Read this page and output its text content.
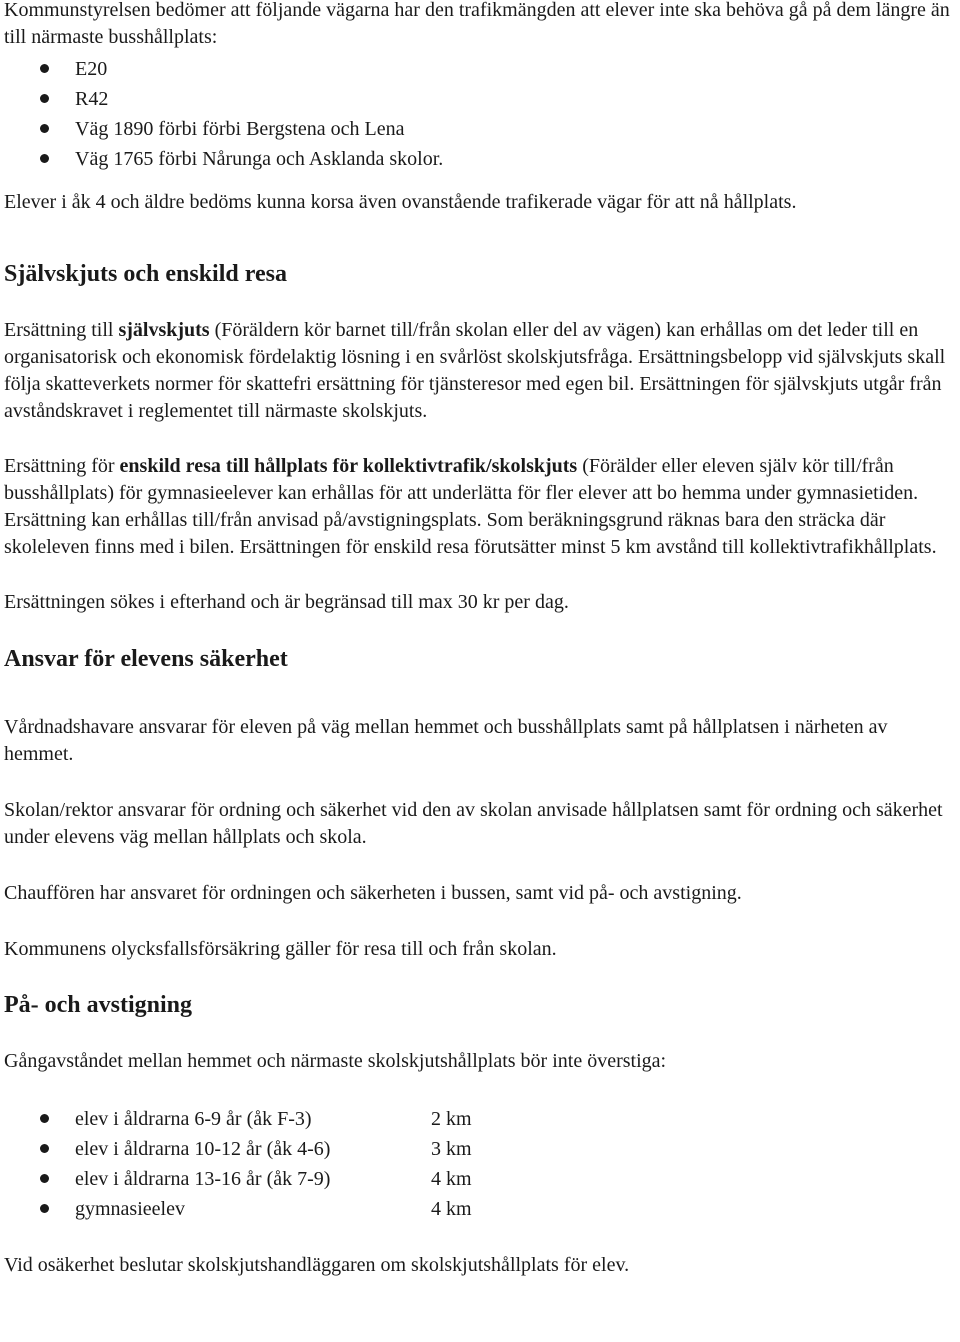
Kommunstyrelsen bedömer att följande vägarna har den trafikmängden att elever inte ska behöva gå på dem längre än till närmaste busshållplats:

E20
R42
Väg 1890 förbi förbi Bergstena och Lena
Väg 1765 förbi Nårunga och Asklanda skolor.

Elever i åk 4 och äldre bedöms kunna korsa även ovanstående trafikerade vägar för att nå hållplats.

Självskjuts och enskild resa

Ersättning till självskjuts (Föräldern kör barnet till/från skolan eller del av vägen) kan erhållas om det leder till en organisatorisk och ekonomisk fördelaktig lösning i en svårlöst skolskjutsfråga. Ersättningsbelopp vid självskjuts skall följa skatteverkets normer för skattefri ersättning för tjänsteresor med egen bil. Ersättningen för självskjuts utgår från avståndskravet i reglementet till närmaste skolskjuts.

Ersättning för enskild resa till hållplats för kollektivtrafik/skolskjuts (Förälder eller eleven själv kör till/från busshållplats) för gymnasieelever kan erhållas för att underlätta för fler elever att bo hemma under gymnasietiden. Ersättning kan erhållas till/från anvisad på/avstigningsplats. Som beräkningsgrund räknas bara den sträcka där skoleleven finns med i bilen. Ersättningen för enskild resa förutsätter minst 5 km avstånd till kollektivtrafikhållplats.

Ersättningen sökes i efterhand och är begränsad till max 30 kr per dag.

Ansvar för elevens säkerhet

Vårdnadshavare ansvarar för eleven på väg mellan hemmet och busshållplats samt på hållplatsen i närheten av hemmet.

Skolan/rektor ansvarar för ordning och säkerhet vid den av skolan anvisade hållplatsen samt för ordning och säkerhet under elevens väg mellan hållplats och skola.

Chauffören har ansvaret för ordningen och säkerheten i bussen, samt vid på- och avstigning.

Kommunens olycksfallsförsäkring gäller för resa till och från skolan.

På- och avstigning

Gångavståndet mellan hemmet och närmaste skolskjutshållplats bör inte överstiga:

elev i åldrarna 6-9 år (åk F-3)	2 km
elev i åldrarna 10-12 år (åk 4-6)	3 km
elev i åldrarna 13-16 år (åk 7-9)	4 km
gymnasieelev	4 km

Vid osäkerhet beslutar skolskjutshandläggaren om skolskjutshållplats för elev.
